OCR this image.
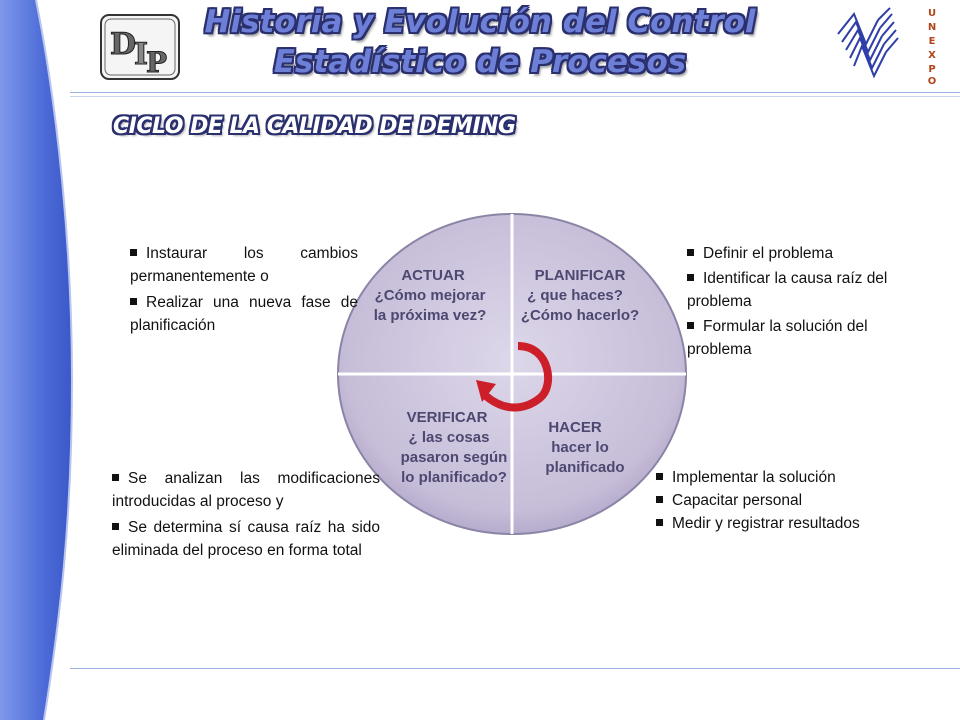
D
I
P
Historia y Evolución del Control
Estadístico de Procesos
U
N
E
X
P
O
CICLO DE LA CALIDAD DE DEMING
ACTUAR
¿Cómo mejorar
la próxima vez?
PLANIFICAR
¿ que haces?
¿Cómo hacerlo?
VERIFICAR
¿ las cosas
pasaron según
lo planificado?
HACER
hacer lo
planificado
Instaurar los cambios permanentemente o
Realizar una nueva fase de planificación
Definir el problema
Identificar la causa raíz del problema
Formular la solución del problema
Se analizan las modificaciones introducidas al proceso y
Se determina sí causa raíz ha sido eliminada del proceso en forma total
Implementar la solución
Capacitar personal
Medir y registrar resultados
